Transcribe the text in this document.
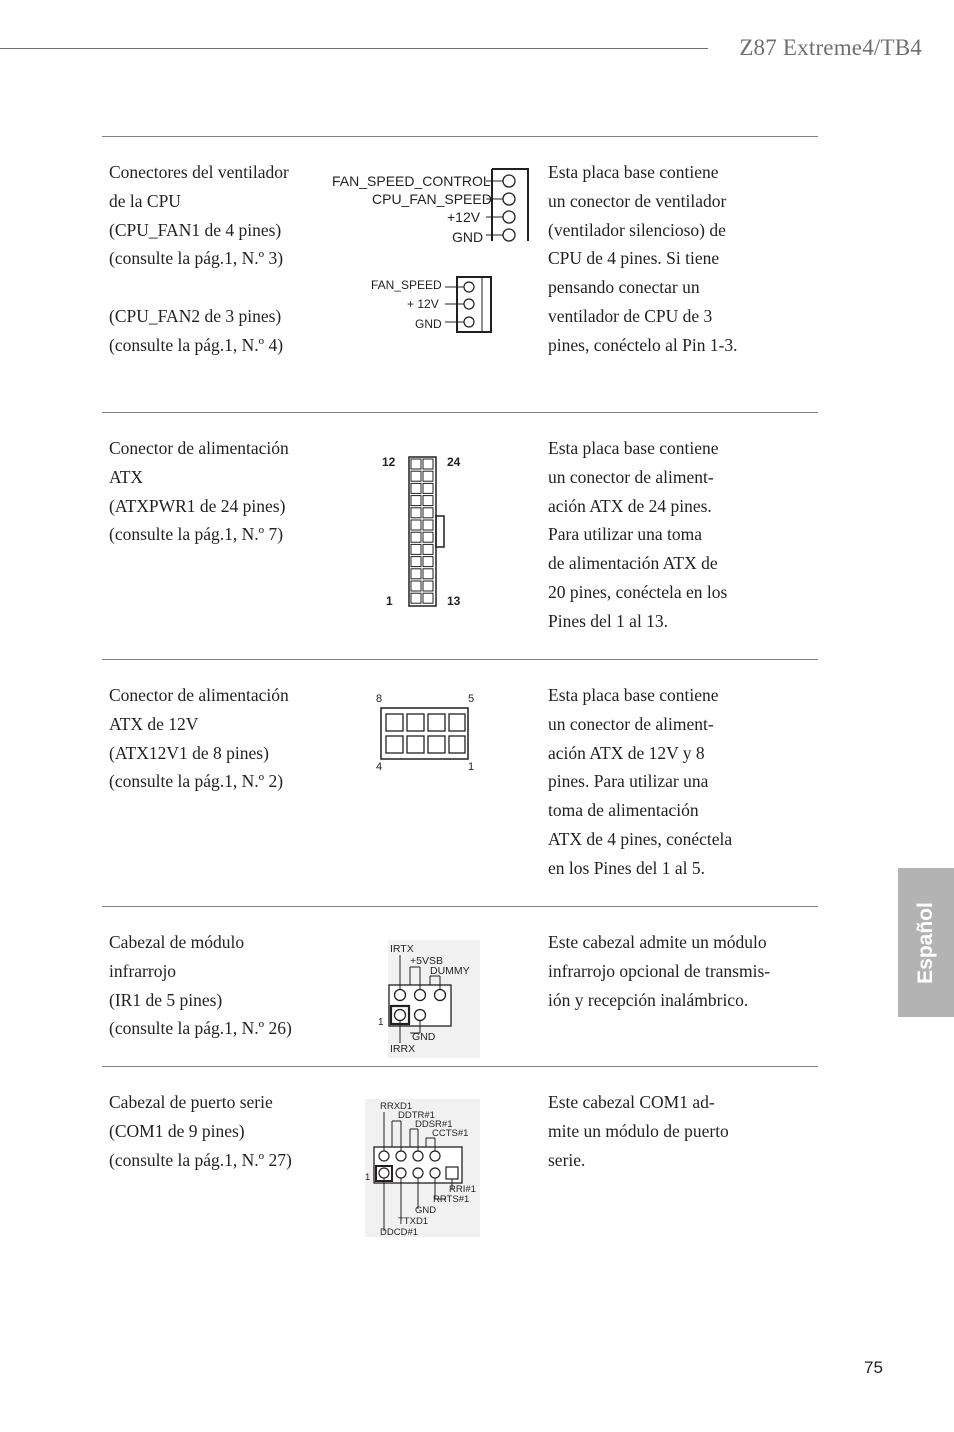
Z87 Extreme4/TB4
Conectores del ventilador
de la CPU
(CPU_FAN1 de 4 pines)
(consulte la pág.1, N.º 3)
(CPU_FAN2 de 3 pines)
(consulte la pág.1, N.º 4)
Esta placa base contiene
un conector de ventilador
(ventilador silencioso) de
CPU de 4 pines. Si tiene
pensando conectar un
ventilador de CPU de 3
pines, conéctelo al Pin 1-3.
FAN_SPEED_CONTROL
CPU_FAN_SPEED
+12V
GND
FAN_SPEED
+ 12V
GND
Conector de alimentación
ATX
(ATXPWR1 de 24 pines)
(consulte la pág.1, N.º 7)
Esta placa base contiene
un conector de aliment-
ación ATX de 24 pines.
Para utilizar una toma
de alimentación ATX de
20 pines, conéctela en los
Pines del 1 al 13.
12	24
1	13
Conector de alimentación
ATX de 12V
(ATX12V1 de 8 pines)
(consulte la pág.1, N.º 2)
Esta placa base contiene
un conector de aliment-
ación ATX de 12V y 8
pines. Para utilizar una
toma de alimentación
ATX de 4 pines, conéctela
en los Pines del 1 al 5.
8	5
4	1
Cabezal de módulo
infrarrojo
(IR1 de 5 pines)
(consulte la pág.1, N.º 26)
Este cabezal admite un módulo
infrarrojo opcional de transmis-
ión y recepción inalámbrico.
IRTX
+5VSB
DUMMY
1
GND
IRRX
Cabezal de puerto serie
(COM1 de 9 pines)
(consulte la pág.1, N.º 27)
Este cabezal COM1 ad-
mite un módulo de puerto
serie.
RRXD1
DDTR#1
DDSR#1
CCTS#1
1
RRI#1
RRTS#1
GND
TTXD1
DDCD#1
Español
75
